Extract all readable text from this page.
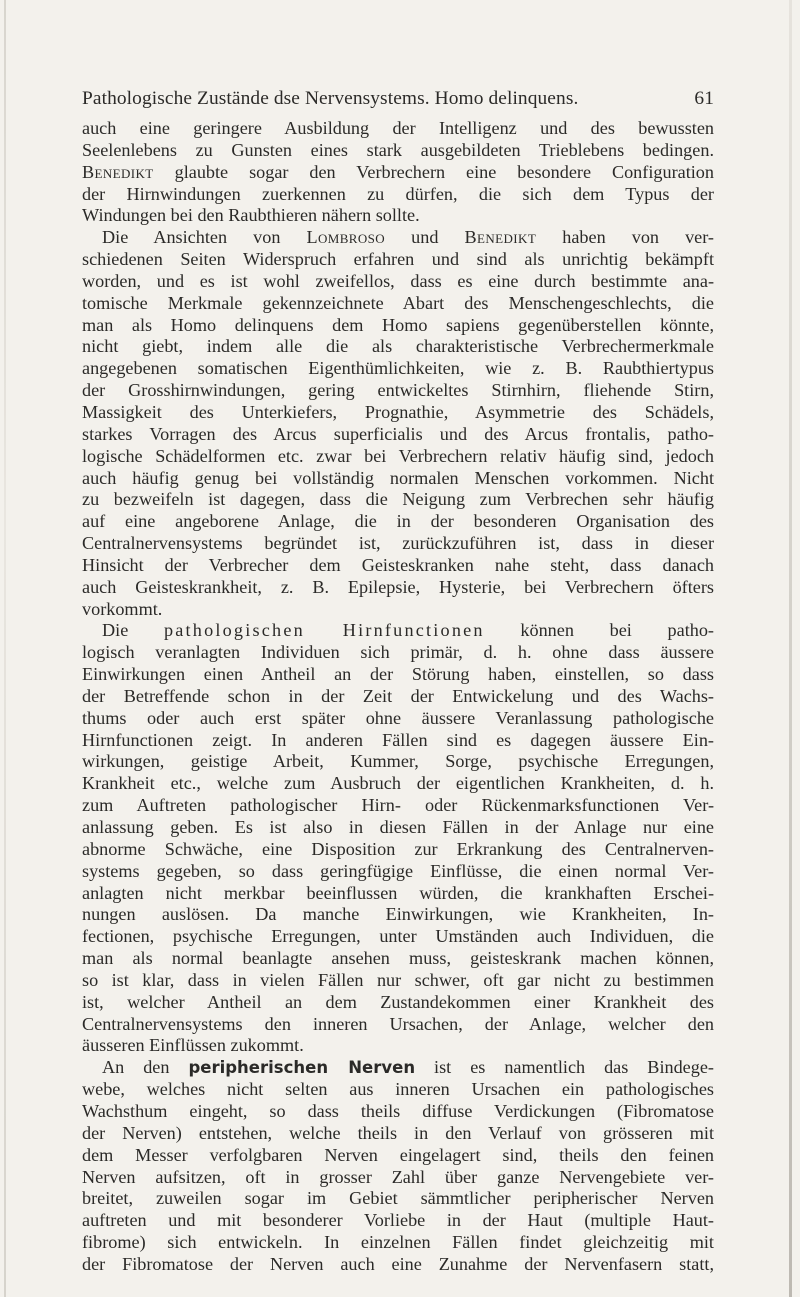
Pathologische Zustände dse Nervensystems. Homo delinquens.	61
auch eine geringere Ausbildung der Intelligenz und des bewussten
Seelenlebens zu Gunsten eines stark ausgebildeten Trieblebens bedingen.
Benedikt glaubte sogar den Verbrechern eine besondere Configuration
der Hirnwindungen zuerkennen zu dürfen, die sich dem Typus der
Windungen bei den Raubthieren nähern sollte.
Die Ansichten von Lombroso und Benedikt haben von ver-
schiedenen Seiten Widerspruch erfahren und sind als unrichtig bekämpft
worden, und es ist wohl zweifellos, dass es eine durch bestimmte ana-
tomische Merkmale gekennzeichnete Abart des Menschengeschlechts, die
man als Homo delinquens dem Homo sapiens gegenüberstellen könnte,
nicht giebt, indem alle die als charakteristische Verbrechermerkmale
angegebenen somatischen Eigenthümlichkeiten, wie z. B. Raubthiertypus
der Grosshirnwindungen, gering entwickeltes Stirnhirn, fliehende Stirn,
Massigkeit des Unterkiefers, Prognathie, Asymmetrie des Schädels,
starkes Vorragen des Arcus superficialis und des Arcus frontalis, patho-
logische Schädelformen etc. zwar bei Verbrechern relativ häufig sind, jedoch
auch häufig genug bei vollständig normalen Menschen vorkommen. Nicht
zu bezweifeln ist dagegen, dass die Neigung zum Verbrechen sehr häufig
auf eine angeborene Anlage, die in der besonderen Organisation des
Centralnervensystems begründet ist, zurückzuführen ist, dass in dieser
Hinsicht der Verbrecher dem Geisteskranken nahe steht, dass danach
auch Geisteskrankheit, z. B. Epilepsie, Hysterie, bei Verbrechern öfters
vorkommt.
Die pathologischen Hirnfunctionen können bei patho-
logisch veranlagten Individuen sich primär, d. h. ohne dass äussere
Einwirkungen einen Antheil an der Störung haben, einstellen, so dass
der Betreffende schon in der Zeit der Entwickelung und des Wachs-
thums oder auch erst später ohne äussere Veranlassung pathologische
Hirnfunctionen zeigt. In anderen Fällen sind es dagegen äussere Ein-
wirkungen, geistige Arbeit, Kummer, Sorge, psychische Erregungen,
Krankheit etc., welche zum Ausbruch der eigentlichen Krankheiten, d. h.
zum Auftreten pathologischer Hirn- oder Rückenmarksfunctionen Ver-
anlassung geben. Es ist also in diesen Fällen in der Anlage nur eine
abnorme Schwäche, eine Disposition zur Erkrankung des Centralnerven-
systems gegeben, so dass geringfügige Einflüsse, die einen normal Ver-
anlagten nicht merkbar beeinflussen würden, die krankhaften Erschei-
nungen auslösen. Da manche Einwirkungen, wie Krankheiten, In-
fectionen, psychische Erregungen, unter Umständen auch Individuen, die
man als normal beanlagte ansehen muss, geisteskrank machen können,
so ist klar, dass in vielen Fällen nur schwer, oft gar nicht zu bestimmen
ist, welcher Antheil an dem Zustandekommen einer Krankheit des
Centralnervensystems den inneren Ursachen, der Anlage, welcher den
äusseren Einflüssen zukommt.
An den peripherischen Nerven ist es namentlich das Bindege-
webe, welches nicht selten aus inneren Ursachen ein pathologisches
Wachsthum eingeht, so dass theils diffuse Verdickungen (Fibromatose
der Nerven) entstehen, welche theils in den Verlauf von grösseren mit
dem Messer verfolgbaren Nerven eingelagert sind, theils den feinen
Nerven aufsitzen, oft in grosser Zahl über ganze Nervengebiete ver-
breitet, zuweilen sogar im Gebiet sämmtlicher peripherischer Nerven
auftreten und mit besonderer Vorliebe in der Haut (multiple Haut-
fibrome) sich entwickeln. In einzelnen Fällen findet gleichzeitig mit
der Fibromatose der Nerven auch eine Zunahme der Nervenfasern statt,
